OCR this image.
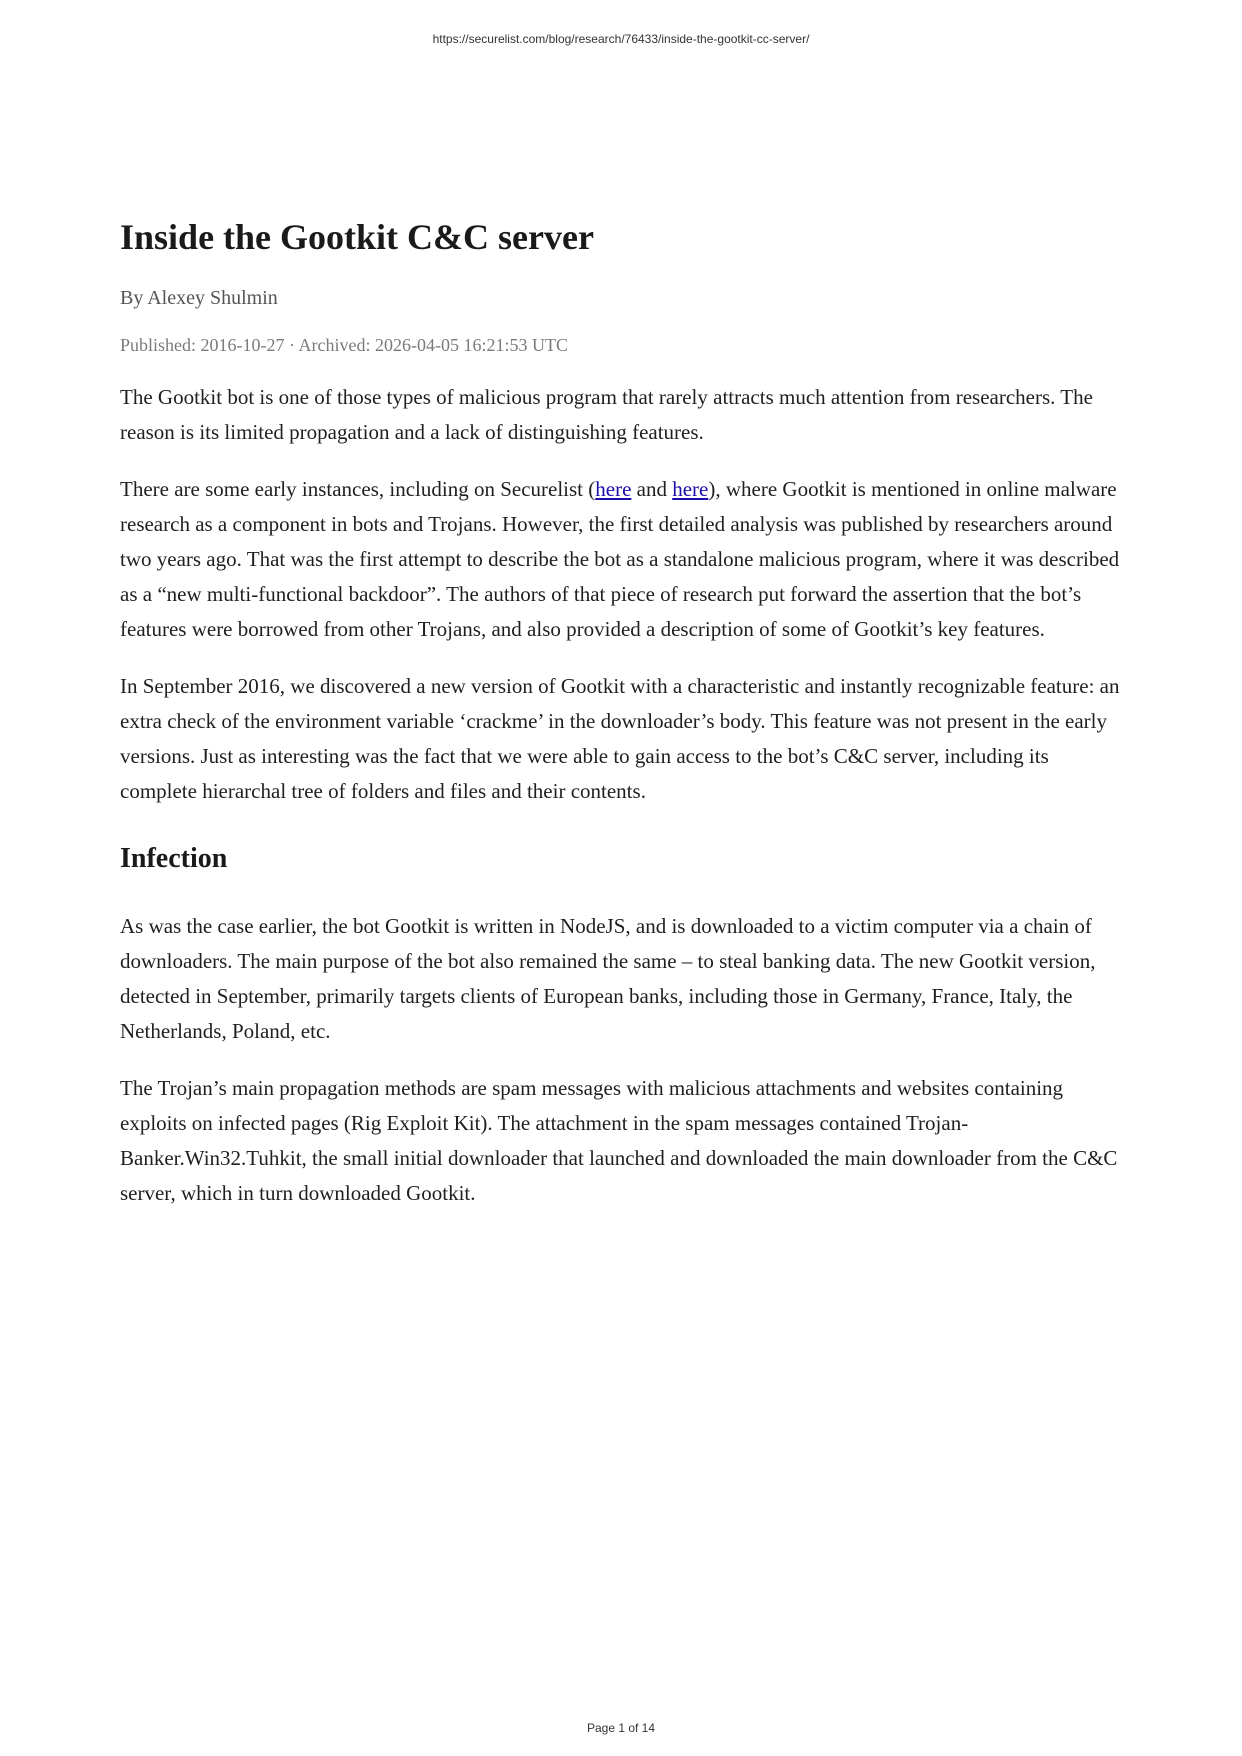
https://securelist.com/blog/research/76433/inside-the-gootkit-cc-server/
Inside the Gootkit C&C server
By Alexey Shulmin
Published: 2016-10-27 · Archived: 2026-04-05 16:21:53 UTC

The Gootkit bot is one of those types of malicious program that rarely attracts much attention from researchers. The reason is its limited propagation and a lack of distinguishing features.

There are some early instances, including on Securelist (here and here), where Gootkit is mentioned in online malware research as a component in bots and Trojans. However, the first detailed analysis was published by researchers around two years ago. That was the first attempt to describe the bot as a standalone malicious program, where it was described as a “new multi-functional backdoor”. The authors of that piece of research put forward the assertion that the bot’s features were borrowed from other Trojans, and also provided a description of some of Gootkit’s key features.

In September 2016, we discovered a new version of Gootkit with a characteristic and instantly recognizable feature: an extra check of the environment variable ‘crackme’ in the downloader’s body. This feature was not present in the early versions. Just as interesting was the fact that we were able to gain access to the bot’s C&C server, including its complete hierarchal tree of folders and files and their contents.

Infection

As was the case earlier, the bot Gootkit is written in NodeJS, and is downloaded to a victim computer via a chain of downloaders. The main purpose of the bot also remained the same – to steal banking data. The new Gootkit version, detected in September, primarily targets clients of European banks, including those in Germany, France, Italy, the Netherlands, Poland, etc.

The Trojan’s main propagation methods are spam messages with malicious attachments and websites containing exploits on infected pages (Rig Exploit Kit). The attachment in the spam messages contained Trojan-Banker.Win32.Tuhkit, the small initial downloader that launched and downloaded the main downloader from the C&C server, which in turn downloaded Gootkit.

Page 1 of 14
